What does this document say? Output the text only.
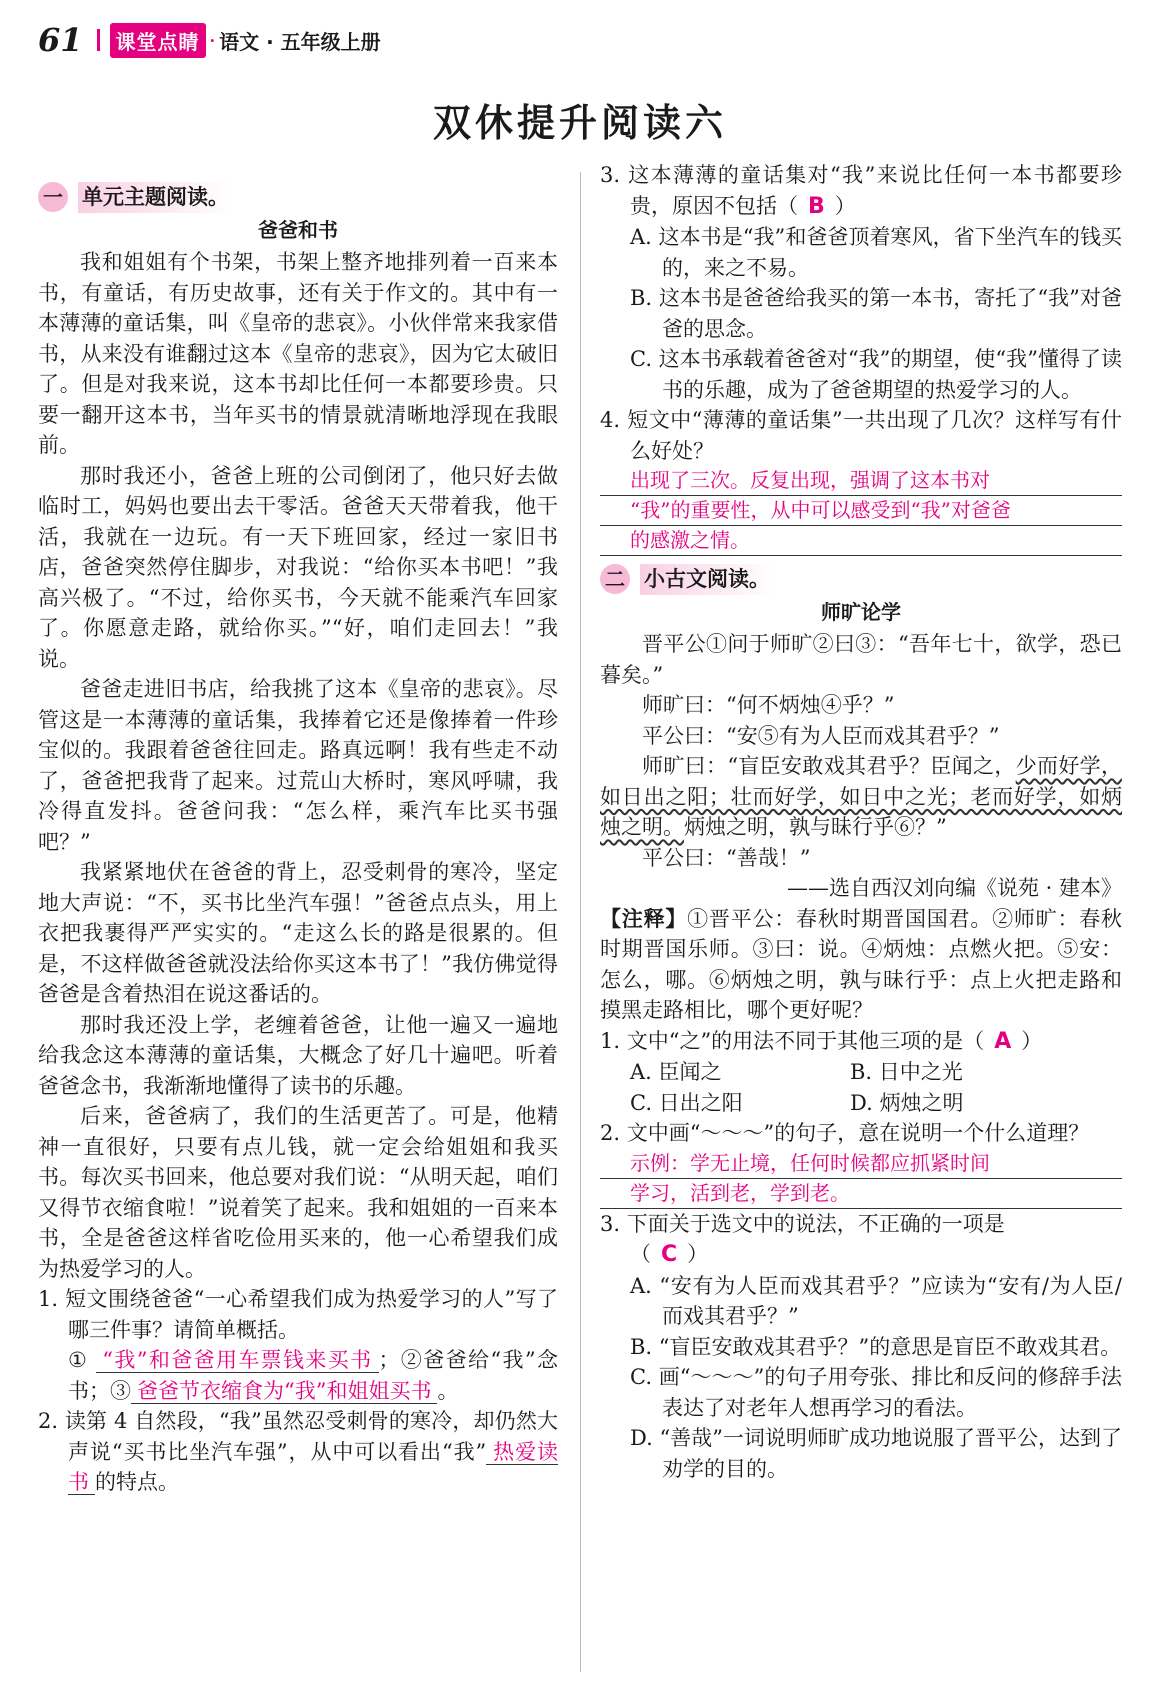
61	课堂点睛 · 语文 · 五年级上册
双休提升阅读六
一 单元主题阅读。
爸爸和书
我和姐姐有个书架，书架上整齐地排列着一百来本书，有童话，有历史故事，还有关于作文的。其中有一本薄薄的童话集，叫《皇帝的悲哀》。小伙伴常来我家借书，从来没有谁翻过这本《皇帝的悲哀》，因为它太破旧了。但是对我来说，这本书却比任何一本都要珍贵。只要一翻开这本书，当年买书的情景就清晰地浮现在我眼前。
那时我还小，爸爸上班的公司倒闭了，他只好去做临时工，妈妈也要出去干零活。爸爸天天带着我，他干活，我就在一边玩。有一天下班回家，经过一家旧书店，爸爸突然停住脚步，对我说：“给你买本书吧！”我高兴极了。“不过，给你买书，今天就不能乘汽车回家了。你愿意走路，就给你买。”“好，咱们走回去！”我说。
爸爸走进旧书店，给我挑了这本《皇帝的悲哀》。尽管这是一本薄薄的童话集，我捧着它还是像捧着一件珍宝似的。我跟着爸爸往回走。路真远啊！我有些走不动了，爸爸把我背了起来。过荒山大桥时，寒风呼啸，我冷得直发抖。爸爸问我：“怎么样，乘汽车比买书强吧？”
我紧紧地伏在爸爸的背上，忍受刺骨的寒冷，坚定地大声说：“不，买书比坐汽车强！”爸爸点点头，用上衣把我裹得严严实实的。“走这么长的路是很累的。但是，不这样做爸爸就没法给你买这本书了！”我仿佛觉得爸爸是含着热泪在说这番话的。
那时我还没上学，老缠着爸爸，让他一遍又一遍地给我念这本薄薄的童话集，大概念了好几十遍吧。听着爸爸念书，我渐渐地懂得了读书的乐趣。
后来，爸爸病了，我们的生活更苦了。可是，他精神一直很好，只要有点儿钱，就一定会给姐姐和我买书。每次买书回来，他总要对我们说：“从明天起，咱们又得节衣缩食啦！”说着笑了起来。我和姐姐的一百来本书，全是爸爸这样省吃俭用买来的，他一心希望我们成为热爱学习的人。
1. 短文围绕爸爸“一心希望我们成为热爱学习的人”写了哪三件事？请简单概括。
① “我”和爸爸用车票钱来买书 ；②爸爸给“我”念书；③ 爸爸节衣缩食为“我”和姐姐买书 。
2. 读第 4 自然段，“我”虽然忍受刺骨的寒冷，却仍然大声说“买书比坐汽车强”，从中可以看出“我” 热爱读书 的特点。
3. 这本薄薄的童话集对“我”来说比任何一本书都要珍贵，原因不包括（ B ）
A. 这本书是“我”和爸爸顶着寒风，省下坐汽车的钱买的，来之不易。
B. 这本书是爸爸给我买的第一本书，寄托了“我”对爸爸的思念。
C. 这本书承载着爸爸对“我”的期望，使“我”懂得了读书的乐趣，成为了爸爸期望的热爱学习的人。
4. 短文中“薄薄的童话集”一共出现了几次？这样写有什么好处？
出现了三次。反复出现，强调了这本书对
“我”的重要性，从中可以感受到“我”对爸爸
的感激之情。
二 小古文阅读。
师旷论学
晋平公①问于师旷②曰③：“吾年七十，欲学，恐已暮矣。”
师旷曰：“何不炳烛④乎？”
平公曰：“安⑤有为人臣而戏其君乎？”
师旷曰：“盲臣安敢戏其君乎？臣闻之，少而好学，如日出之阳；壮而好学，如日中之光；老而好学，如炳烛之明。炳烛之明，孰与昧行乎⑥？”
平公曰：“善哉！”
——选自西汉刘向编《说苑 · 建本》
【注释】①晋平公：春秋时期晋国国君。②师旷：春秋时期晋国乐师。③曰：说。④炳烛：点燃火把。⑤安：怎么，哪。⑥炳烛之明，孰与昧行乎：点上火把走路和摸黑走路相比，哪个更好呢？
1. 文中“之”的用法不同于其他三项的是（ A ）
A. 臣闻之	B. 日中之光
C. 日出之阳	D. 炳烛之明
2. 文中画“～～～”的句子，意在说明一个什么道理？
示例：学无止境，任何时候都应抓紧时间
学习，活到老，学到老。
3. 下面关于选文中的说法，不正确的一项是
（ C ）
A. “安有为人臣而戏其君乎？”应读为“安有/为人臣/而戏其君乎？”
B. “盲臣安敢戏其君乎？”的意思是盲臣不敢戏其君。
C. 画“～～～”的句子用夸张、排比和反问的修辞手法表达了对老年人想再学习的看法。
D. “善哉”一词说明师旷成功地说服了晋平公，达到了劝学的目的。
